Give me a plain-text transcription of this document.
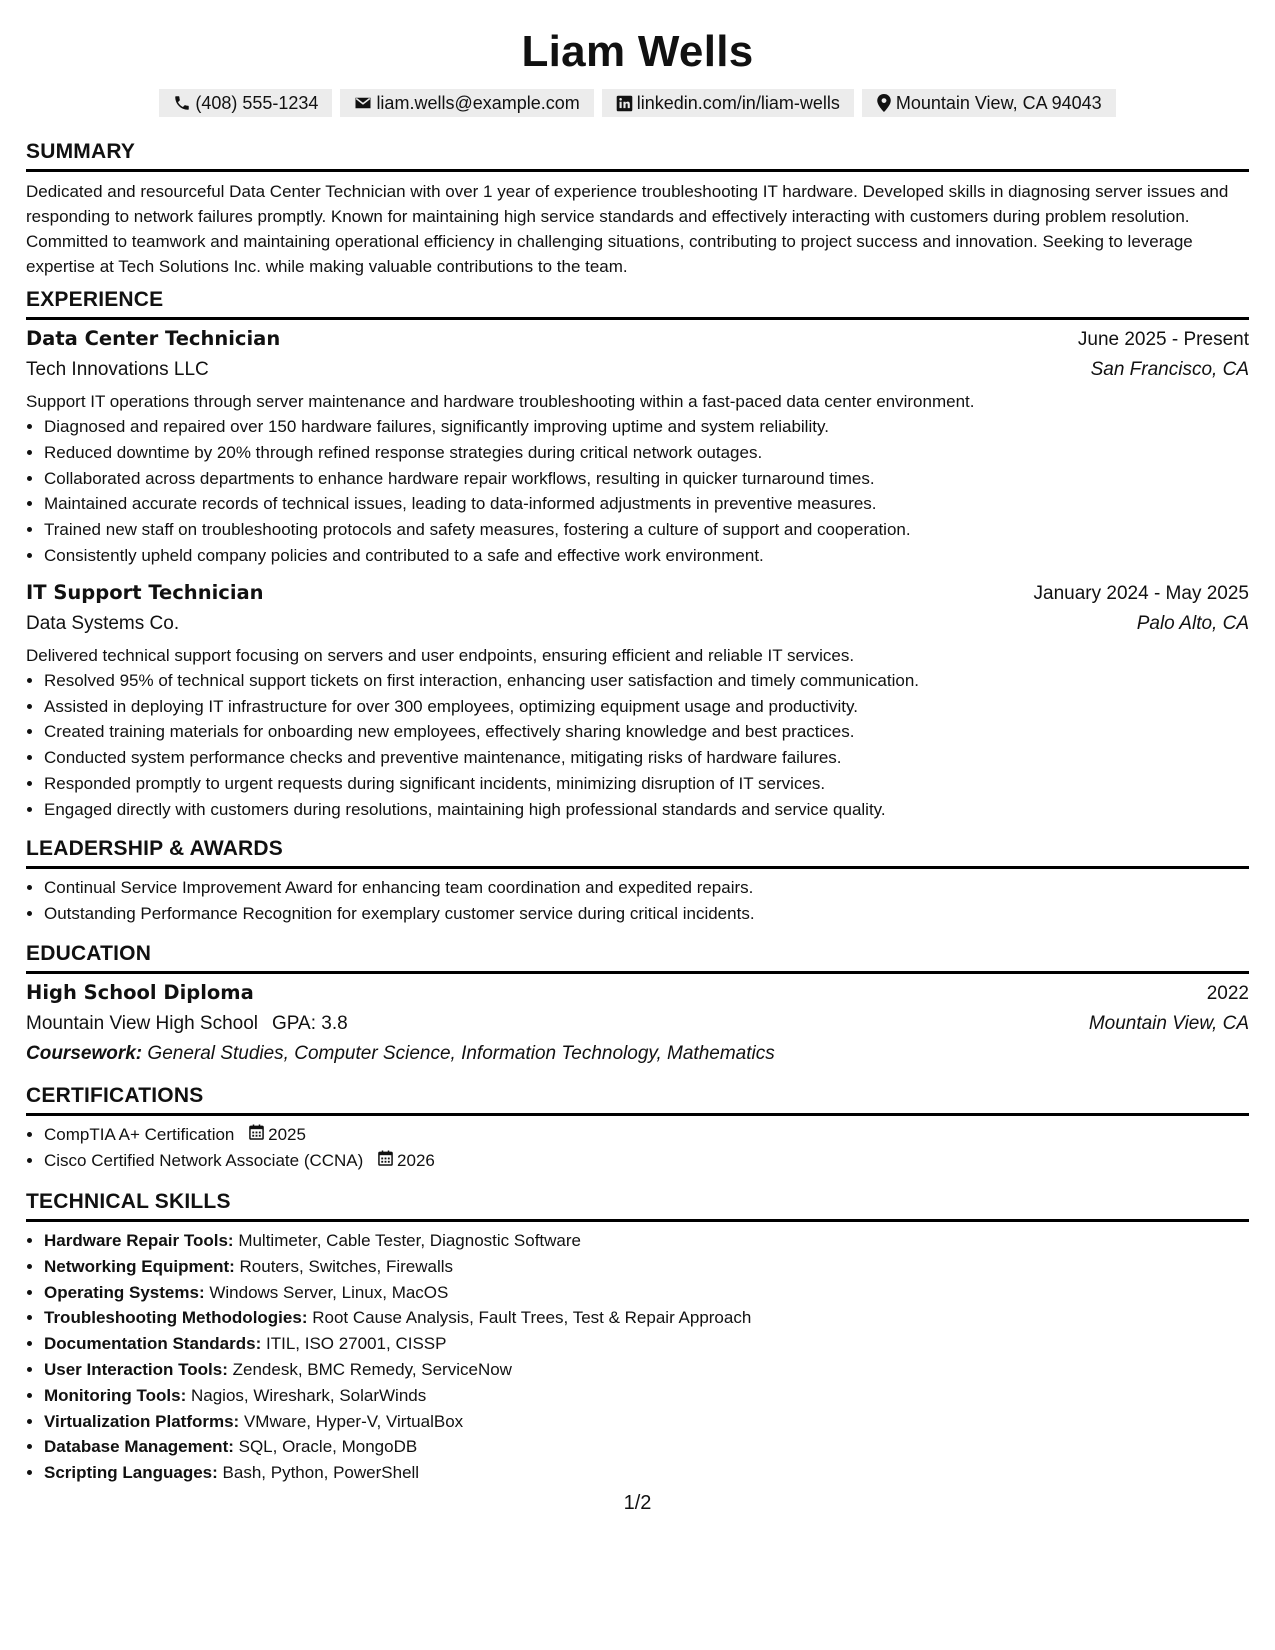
Liam Wells
(408) 555-1234	liam.wells@example.com	linkedin.com/in/liam-wells	Mountain View, CA 94043
SUMMARY
Dedicated and resourceful Data Center Technician with over 1 year of experience troubleshooting IT hardware. Developed skills in diagnosing server issues and responding to network failures promptly. Known for maintaining high service standards and effectively interacting with customers during problem resolution. Committed to teamwork and maintaining operational efficiency in challenging situations, contributing to project success and innovation. Seeking to leverage expertise at Tech Solutions Inc. while making valuable contributions to the team.
EXPERIENCE
Data Center Technician	June 2025 - Present
Tech Innovations LLC	San Francisco, CA
Support IT operations through server maintenance and hardware troubleshooting within a fast-paced data center environment.
• Diagnosed and repaired over 150 hardware failures, significantly improving uptime and system reliability.
• Reduced downtime by 20% through refined response strategies during critical network outages.
• Collaborated across departments to enhance hardware repair workflows, resulting in quicker turnaround times.
• Maintained accurate records of technical issues, leading to data-informed adjustments in preventive measures.
• Trained new staff on troubleshooting protocols and safety measures, fostering a culture of support and cooperation.
• Consistently upheld company policies and contributed to a safe and effective work environment.
IT Support Technician	January 2024 - May 2025
Data Systems Co.	Palo Alto, CA
Delivered technical support focusing on servers and user endpoints, ensuring efficient and reliable IT services.
• Resolved 95% of technical support tickets on first interaction, enhancing user satisfaction and timely communication.
• Assisted in deploying IT infrastructure for over 300 employees, optimizing equipment usage and productivity.
• Created training materials for onboarding new employees, effectively sharing knowledge and best practices.
• Conducted system performance checks and preventive maintenance, mitigating risks of hardware failures.
• Responded promptly to urgent requests during significant incidents, minimizing disruption of IT services.
• Engaged directly with customers during resolutions, maintaining high professional standards and service quality.
LEADERSHIP & AWARDS
• Continual Service Improvement Award for enhancing team coordination and expedited repairs.
• Outstanding Performance Recognition for exemplary customer service during critical incidents.
EDUCATION
High School Diploma	2022
Mountain View High School GPA: 3.8	Mountain View, CA
Coursework: General Studies, Computer Science, Information Technology, Mathematics
CERTIFICATIONS
• CompTIA A+ Certification 2025
• Cisco Certified Network Associate (CCNA) 2026
TECHNICAL SKILLS
• Hardware Repair Tools: Multimeter, Cable Tester, Diagnostic Software
• Networking Equipment: Routers, Switches, Firewalls
• Operating Systems: Windows Server, Linux, MacOS
• Troubleshooting Methodologies: Root Cause Analysis, Fault Trees, Test & Repair Approach
• Documentation Standards: ITIL, ISO 27001, CISSP
• User Interaction Tools: Zendesk, BMC Remedy, ServiceNow
• Monitoring Tools: Nagios, Wireshark, SolarWinds
• Virtualization Platforms: VMware, Hyper-V, VirtualBox
• Database Management: SQL, Oracle, MongoDB
• Scripting Languages: Bash, Python, PowerShell
1/2
